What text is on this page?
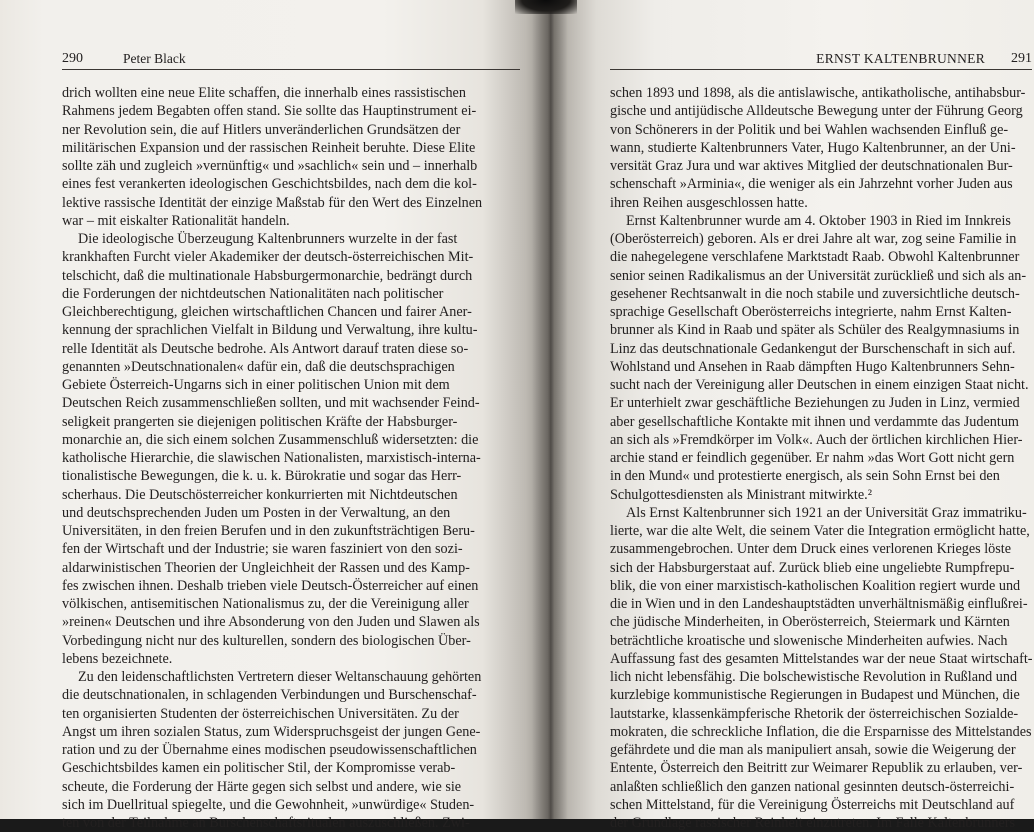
290	Peter Black
drich wollten eine neue Elite schaffen, die innerhalb eines rassistischen
Rahmens jedem Begabten offen stand. Sie sollte das Hauptinstrument ei-
ner Revolution sein, die auf Hitlers unveränderlichen Grundsätzen der
militärischen Expansion und der rassischen Reinheit beruhte. Diese Elite
sollte zäh und zugleich »vernünftig« und »sachlich« sein und – innerhalb
eines fest verankerten ideologischen Geschichtsbildes, nach dem die kol-
lektive rassische Identität der einzige Maßstab für den Wert des Einzelnen
war – mit eiskalter Rationalität handeln.
Die ideologische Überzeugung Kaltenbrunners wurzelte in der fast
krankhaften Furcht vieler Akademiker der deutsch-österreichischen Mit-
telschicht, daß die multinationale Habsburgermonarchie, bedrängt durch
die Forderungen der nichtdeutschen Nationalitäten nach politischer
Gleichberechtigung, gleichen wirtschaftlichen Chancen und fairer Aner-
kennung der sprachlichen Vielfalt in Bildung und Verwaltung, ihre kultu-
relle Identität als Deutsche bedrohe. Als Antwort darauf traten diese so-
genannten »Deutschnationalen« dafür ein, daß die deutschsprachigen
Gebiete Österreich-Ungarns sich in einer politischen Union mit dem
Deutschen Reich zusammenschließen sollten, und mit wachsender Feind-
seligkeit prangerten sie diejenigen politischen Kräfte der Habsburger-
monarchie an, die sich einem solchen Zusammenschluß widersetzten: die
katholische Hierarchie, die slawischen Nationalisten, marxistisch-interna-
tionalistische Bewegungen, die k. u. k. Bürokratie und sogar das Herr-
scherhaus. Die Deutschösterreicher konkurrierten mit Nichtdeutschen
und deutschsprechenden Juden um Posten in der Verwaltung, an den
Universitäten, in den freien Berufen und in den zukunftsträchtigen Beru-
fen der Wirtschaft und der Industrie; sie waren fasziniert von den sozi-
aldarwinistischen Theorien der Ungleichheit der Rassen und des Kamp-
fes zwischen ihnen. Deshalb trieben viele Deutsch-Österreicher auf einen
völkischen, antisemitischen Nationalismus zu, der die Vereinigung aller
»reinen« Deutschen und ihre Absonderung von den Juden und Slawen als
Vorbedingung nicht nur des kulturellen, sondern des biologischen Über-
lebens bezeichnete.
Zu den leidenschaftlichsten Vertretern dieser Weltanschauung gehörten
die deutschnationalen, in schlagenden Verbindungen und Burschenschaf-
ten organisierten Studenten der österreichischen Universitäten. Zu der
Angst um ihren sozialen Status, zum Widerspruchsgeist der jungen Gene-
ration und zu der Übernahme eines modischen pseudowissenschaftlichen
Geschichtsbildes kamen ein politischer Stil, der Kompromisse verab-
scheute, die Forderung der Härte gegen sich selbst und andere, wie sie
sich im Duellritual spiegelte, und die Gewohnheit, »unwürdige« Studen-
ten von der Teilnahme an Burschenschaftsritualen auszuschließen. Zwi-
ERNST KALTENBRUNNER 291
schen 1893 und 1898, als die antislawische, antikatholische, antihabsbur-
gische und antijüdische Alldeutsche Bewegung unter der Führung Georg
von Schönerers in der Politik und bei Wahlen wachsenden Einfluß ge-
wann, studierte Kaltenbrunners Vater, Hugo Kaltenbrunner, an der Uni-
versität Graz Jura und war aktives Mitglied der deutschnationalen Bur-
schenschaft »Arminia«, die weniger als ein Jahrzehnt vorher Juden aus
ihren Reihen ausgeschlossen hatte.
Ernst Kaltenbrunner wurde am 4. Oktober 1903 in Ried im Innkreis
(Oberösterreich) geboren. Als er drei Jahre alt war, zog seine Familie in
die nahegelegene verschlafene Marktstadt Raab. Obwohl Kaltenbrunner
senior seinen Radikalismus an der Universität zurückließ und sich als an-
gesehener Rechtsanwalt in die noch stabile und zuversichtliche deutsch-
sprachige Gesellschaft Oberösterreichs integrierte, nahm Ernst Kalten-
brunner als Kind in Raab und später als Schüler des Realgymnasiums in
Linz das deutschnationale Gedankengut der Burschenschaft in sich auf.
Wohlstand und Ansehen in Raab dämpften Hugo Kaltenbrunners Sehn-
sucht nach der Vereinigung aller Deutschen in einem einzigen Staat nicht.
Er unterhielt zwar geschäftliche Beziehungen zu Juden in Linz, vermied
aber gesellschaftliche Kontakte mit ihnen und verdammte das Judentum
an sich als »Fremdkörper im Volk«. Auch der örtlichen kirchlichen Hier-
archie stand er feindlich gegenüber. Er nahm »das Wort Gott nicht gern
in den Mund« und protestierte energisch, als sein Sohn Ernst bei den
Schulgottesdiensten als Ministrant mitwirkte.²
Als Ernst Kaltenbrunner sich 1921 an der Universität Graz immatriku-
lierte, war die alte Welt, die seinem Vater die Integration ermöglicht hatte,
zusammengebrochen. Unter dem Druck eines verlorenen Krieges löste
sich der Habsburgerstaat auf. Zurück blieb eine ungeliebte Rumpfrepu-
blik, die von einer marxistisch-katholischen Koalition regiert wurde und
die in Wien und in den Landeshauptstädten unverhältnismäßig einflußrei-
che jüdische Minderheiten, in Oberösterreich, Steiermark und Kärnten
beträchtliche kroatische und slowenische Minderheiten aufwies. Nach
Auffassung fast des gesamten Mittelstandes war der neue Staat wirtschaft-
lich nicht lebensfähig. Die bolschewistische Revolution in Rußland und
kurzlebige kommunistische Regierungen in Budapest und München, die
lautstarke, klassenkämpferische Rhetorik der österreichischen Sozialde-
mokraten, die schreckliche Inflation, die die Ersparnisse des Mittelstandes
gefährdete und die man als manipuliert ansah, sowie die Weigerung der
Entente, Österreich den Beitritt zur Weimarer Republik zu erlauben, ver-
anlaßten schließlich den ganzen national gesinnten deutsch-österreichi-
schen Mittelstand, für die Vereinigung Österreichs mit Deutschland auf
der Grundlage rassischer Reinheit einzutreten. Im Falle Kaltenbrunners
